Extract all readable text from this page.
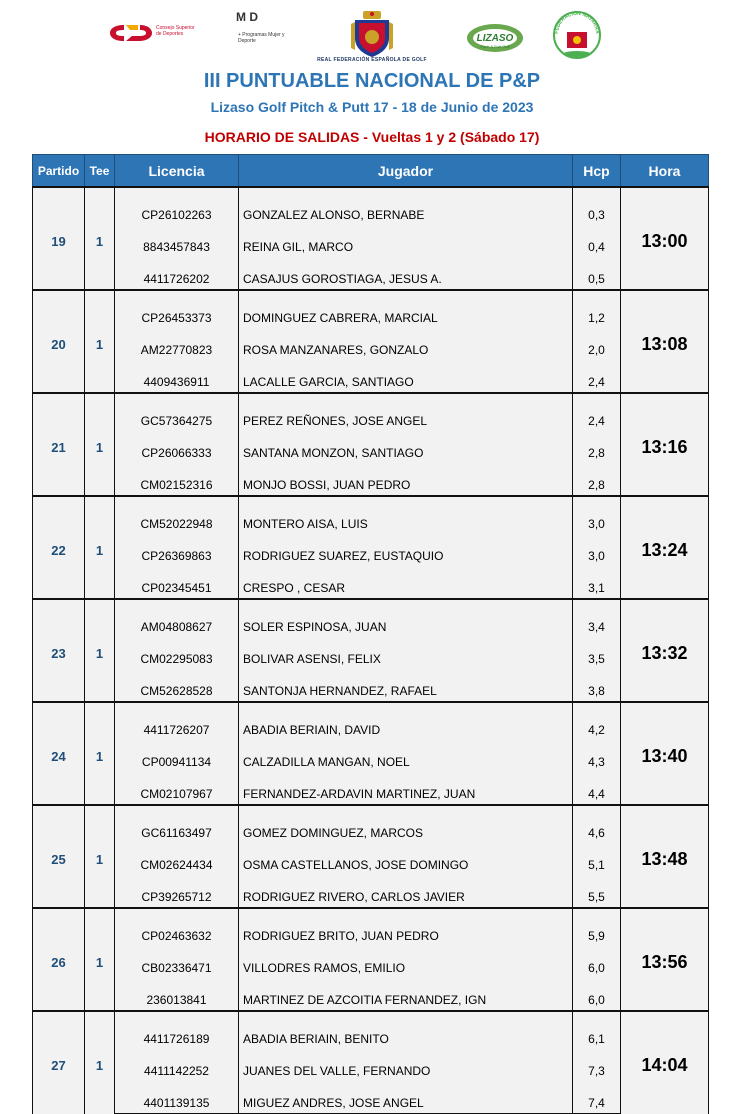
Consejo Superior de Deportes
M D
+ Programas Mujer y Deporte	LIZASO
Pitch & Putt Golf
FEDERACIÓN NAVARRA
REAL FEDERACIÓN ESPAÑOLA DE GOLF
III PUNTUABLE NACIONAL DE P&P
Lizaso Golf Pitch & Putt 17 - 18 de Junio de 2023
HORARIO DE SALIDAS - Vueltas 1 y 2 (Sábado 17)
Partido	Tee	Licencia	Jugador	Hcp	Hora
19	1	CP26102263	GONZALEZ ALONSO, BERNABE	0,3	13:00
		8843457843	REINA GIL, MARCO	0,4	
		4411726202	CASAJUS GOROSTIAGA, JESUS A.	0,5	
20	1	CP26453373	DOMINGUEZ CABRERA, MARCIAL	1,2	13:08
		AM22770823	ROSA MANZANARES, GONZALO	2,0	
		4409436911	LACALLE GARCIA, SANTIAGO	2,4	
21	1	GC57364275	PEREZ REÑONES, JOSE ANGEL	2,4	13:16
		CP26066333	SANTANA MONZON, SANTIAGO	2,8	
		CM02152316	MONJO BOSSI, JUAN PEDRO	2,8	
22	1	CM52022948	MONTERO AISA, LUIS	3,0	13:24
		CP26369863	RODRIGUEZ SUAREZ, EUSTAQUIO	3,0	
		CP02345451	CRESPO , CESAR	3,1	
23	1	AM04808627	SOLER ESPINOSA, JUAN	3,4	13:32
		CM02295083	BOLIVAR ASENSI, FELIX	3,5	
		CM52628528	SANTONJA HERNANDEZ, RAFAEL	3,8	
24	1	4411726207	ABADIA BERIAIN, DAVID	4,2	13:40
		CP00941134	CALZADILLA MANGAN, NOEL	4,3	
		CM02107967	FERNANDEZ-ARDAVIN MARTINEZ, JUAN	4,4	
25	1	GC61163497	GOMEZ DOMINGUEZ, MARCOS	4,6	13:48
		CM02624434	OSMA CASTELLANOS, JOSE DOMINGO	5,1	
		CP39265712	RODRIGUEZ RIVERO, CARLOS JAVIER	5,5	
26	1	CP02463632	RODRIGUEZ BRITO, JUAN PEDRO	5,9	13:56
		CB02336471	VILLODRES RAMOS, EMILIO	6,0	
		236013841	MARTINEZ DE AZCOITIA FERNANDEZ, IGN	6,0	
27	1	4411726189	ABADIA BERIAIN, BENITO	6,1	14:04
		4411142252	JUANES DEL VALLE, FERNANDO	7,3	
		4401139135	MIGUEZ ANDRES, JOSE ANGEL	7,4	
